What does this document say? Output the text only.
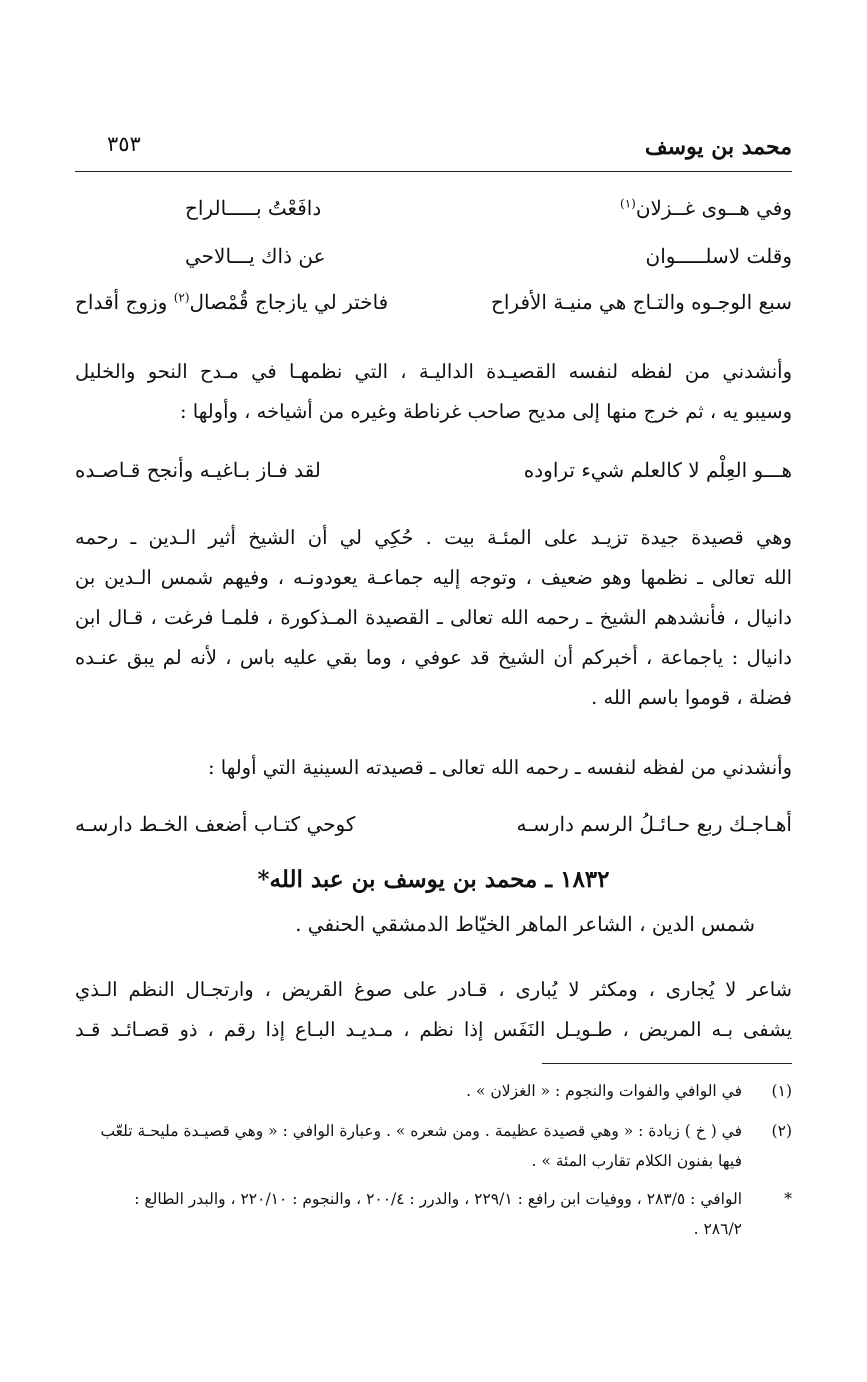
محمد بن يوسف
٣٥٣
وفي هــوى غــزلان$^{(١)}$
دافَعْتُ بـــــالراح
وقلت لاسلـــــوان
عن ذاك يـــالاحي
سبع الوجـوه والتـاج هي منيـة الأفراح
فاختر لي يازجاج قُمْصال$^{(٢)}$ وزوج أقداح
وأنشدني من لفظه لنفسه القصيـدة الداليـة ، التي نظمهـا في مـدح النحو والخليل
وسيبو يه ، ثم خرج منها إلى مديح صاحب غرناطة وغيره من أشياخه ، وأولها :
هـــو العِلْم لا كالعلم شيء تراوده
لقد فـاز بـاغيـه وأنجح قـاصـده
وهي قصيدة جيدة تزيـد على المئـة بيت . حُكِي لي أن الشيخ أثير الـدين ـ رحمه
الله تعالى ـ نظمها وهو ضعيف ، وتوجه إليه جماعـة يعودونـه ، وفيهم شمس الـدين بن
دانيال ، فأنشدهم الشيخ ـ رحمه الله تعالى ـ القصيدة المـذكورة ، فلمـا فرغت ، قـال ابن
دانيال : ياجماعة ، أخبركم أن الشيخ قد عوفي ، وما بقي عليه باس ، لأنه لم يبق عنـده
فضلة ، قوموا باسم الله .
وأنشدني من لفظه لنفسه ـ رحمه الله تعالى ـ قصيدته السينية التي أولها :
أهـاجـك ربع حـائـلُ الرسم دارسـه
كوحي كتـاب أضعف الخـط دارسـه
١٨٣٢ ـ محمد بن يوسف بن عبد الله*
شمس الدين ، الشاعر الماهر الخيّاط الدمشقي الحنفي .
شاعر لا يُجارى ، ومكثر لا يُبارى ، قـادر على صوغ القريض ، وارتجـال النظم الـذي
يشفى بـه المريض ، طـويـل النَفَس إذا نظم ، مـديـد البـاع إذا رقم ، ذو قصـائـد قـد
(١)
في الوافي والفوات والنجوم : « الغزلان » .
(٢)
في ( خ ) زيادة : « وهي قصيدة عظيمة . ومن شعره » . وعبارة الوافي : « وهي قصيـدة مليحـة تلعّب
فيها بفنون الكلام تقارب المئة » .
*
الوافي : ٢٨٣/٥ ، ووفيات ابن رافع : ٢٢٩/١ ، والدرر : ٢٠٠/٤ ، والنجوم : ٢٢٠/١٠ ، والبدر الطالع :
٢٨٦/٢ .
